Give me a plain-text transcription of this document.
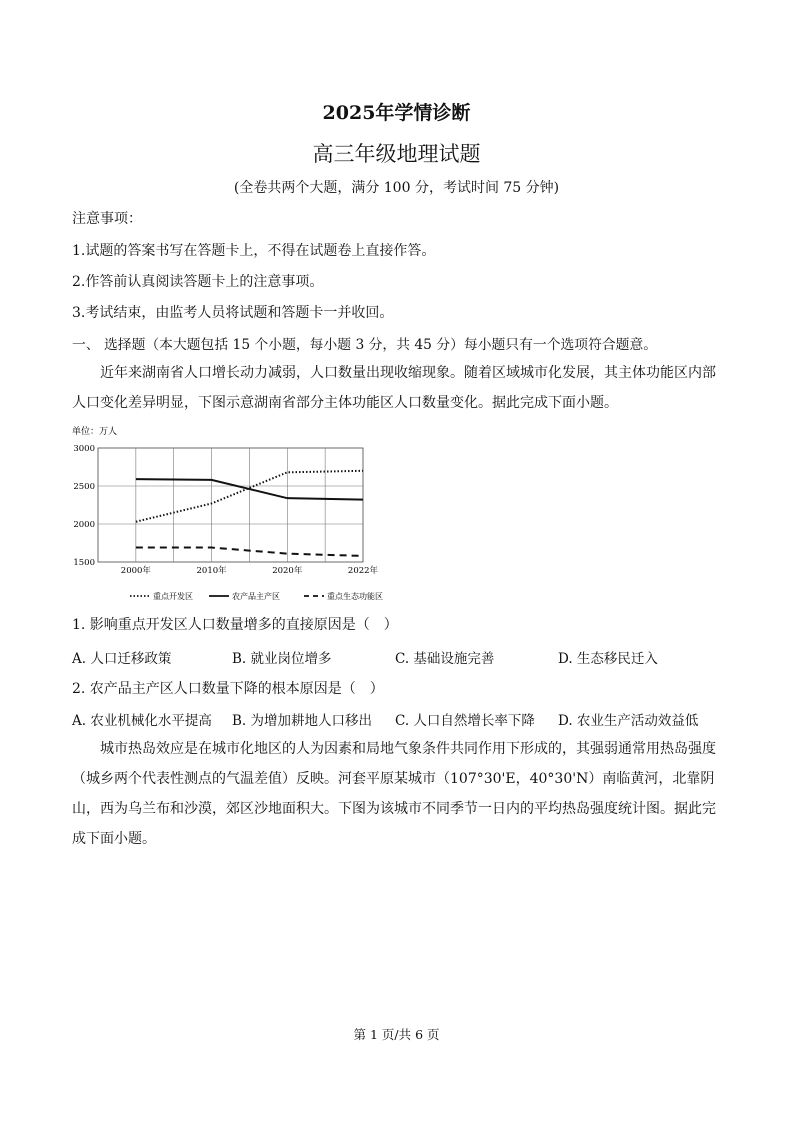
2025年学情诊断
高三年级地理试题
(全卷共两个大题，满分 100 分，考试时间 75 分钟)
注意事项：
1.试题的答案书写在答题卡上，不得在试题卷上直接作答。
2.作答前认真阅读答题卡上的注意事项。
3.考试结束，由监考人员将试题和答题卡一并收回。
一、 选择题（本大题包括 15 个小题，每小题 3 分，共 45 分）每小题只有一个选项符合题意。
近年来湖南省人口增长动力减弱，人口数量出现收缩现象。随着区域城市化发展，其主体功能区内部人口变化差异明显，下图示意湖南省部分主体功能区人口数量变化。据此完成下面小题。
单位：万人
3000
2500
2000
1500
2000年	2010年	2020年	2022年
重点开发区	农产品主产区	重点生态功能区
1. 影响重点开发区人口数量增多的直接原因是（　）
A. 人口迁移政策	B. 就业岗位增多	C. 基础设施完善	D. 生态移民迁入
2. 农产品主产区人口数量下降的根本原因是（　）
A. 农业机械化水平提高	B. 为增加耕地人口移出	C. 人口自然增长率下降	D. 农业生产活动效益低
城市热岛效应是在城市化地区的人为因素和局地气象条件共同作用下形成的，其强弱通常用热岛强度（城乡两个代表性测点的气温差值）反映。河套平原某城市（107°30'E，40°30'N）南临黄河，北靠阴山，西为乌兰布和沙漠，郊区沙地面积大。下图为该城市不同季节一日内的平均热岛强度统计图。据此完成下面小题。
第 1 页/共 6 页
